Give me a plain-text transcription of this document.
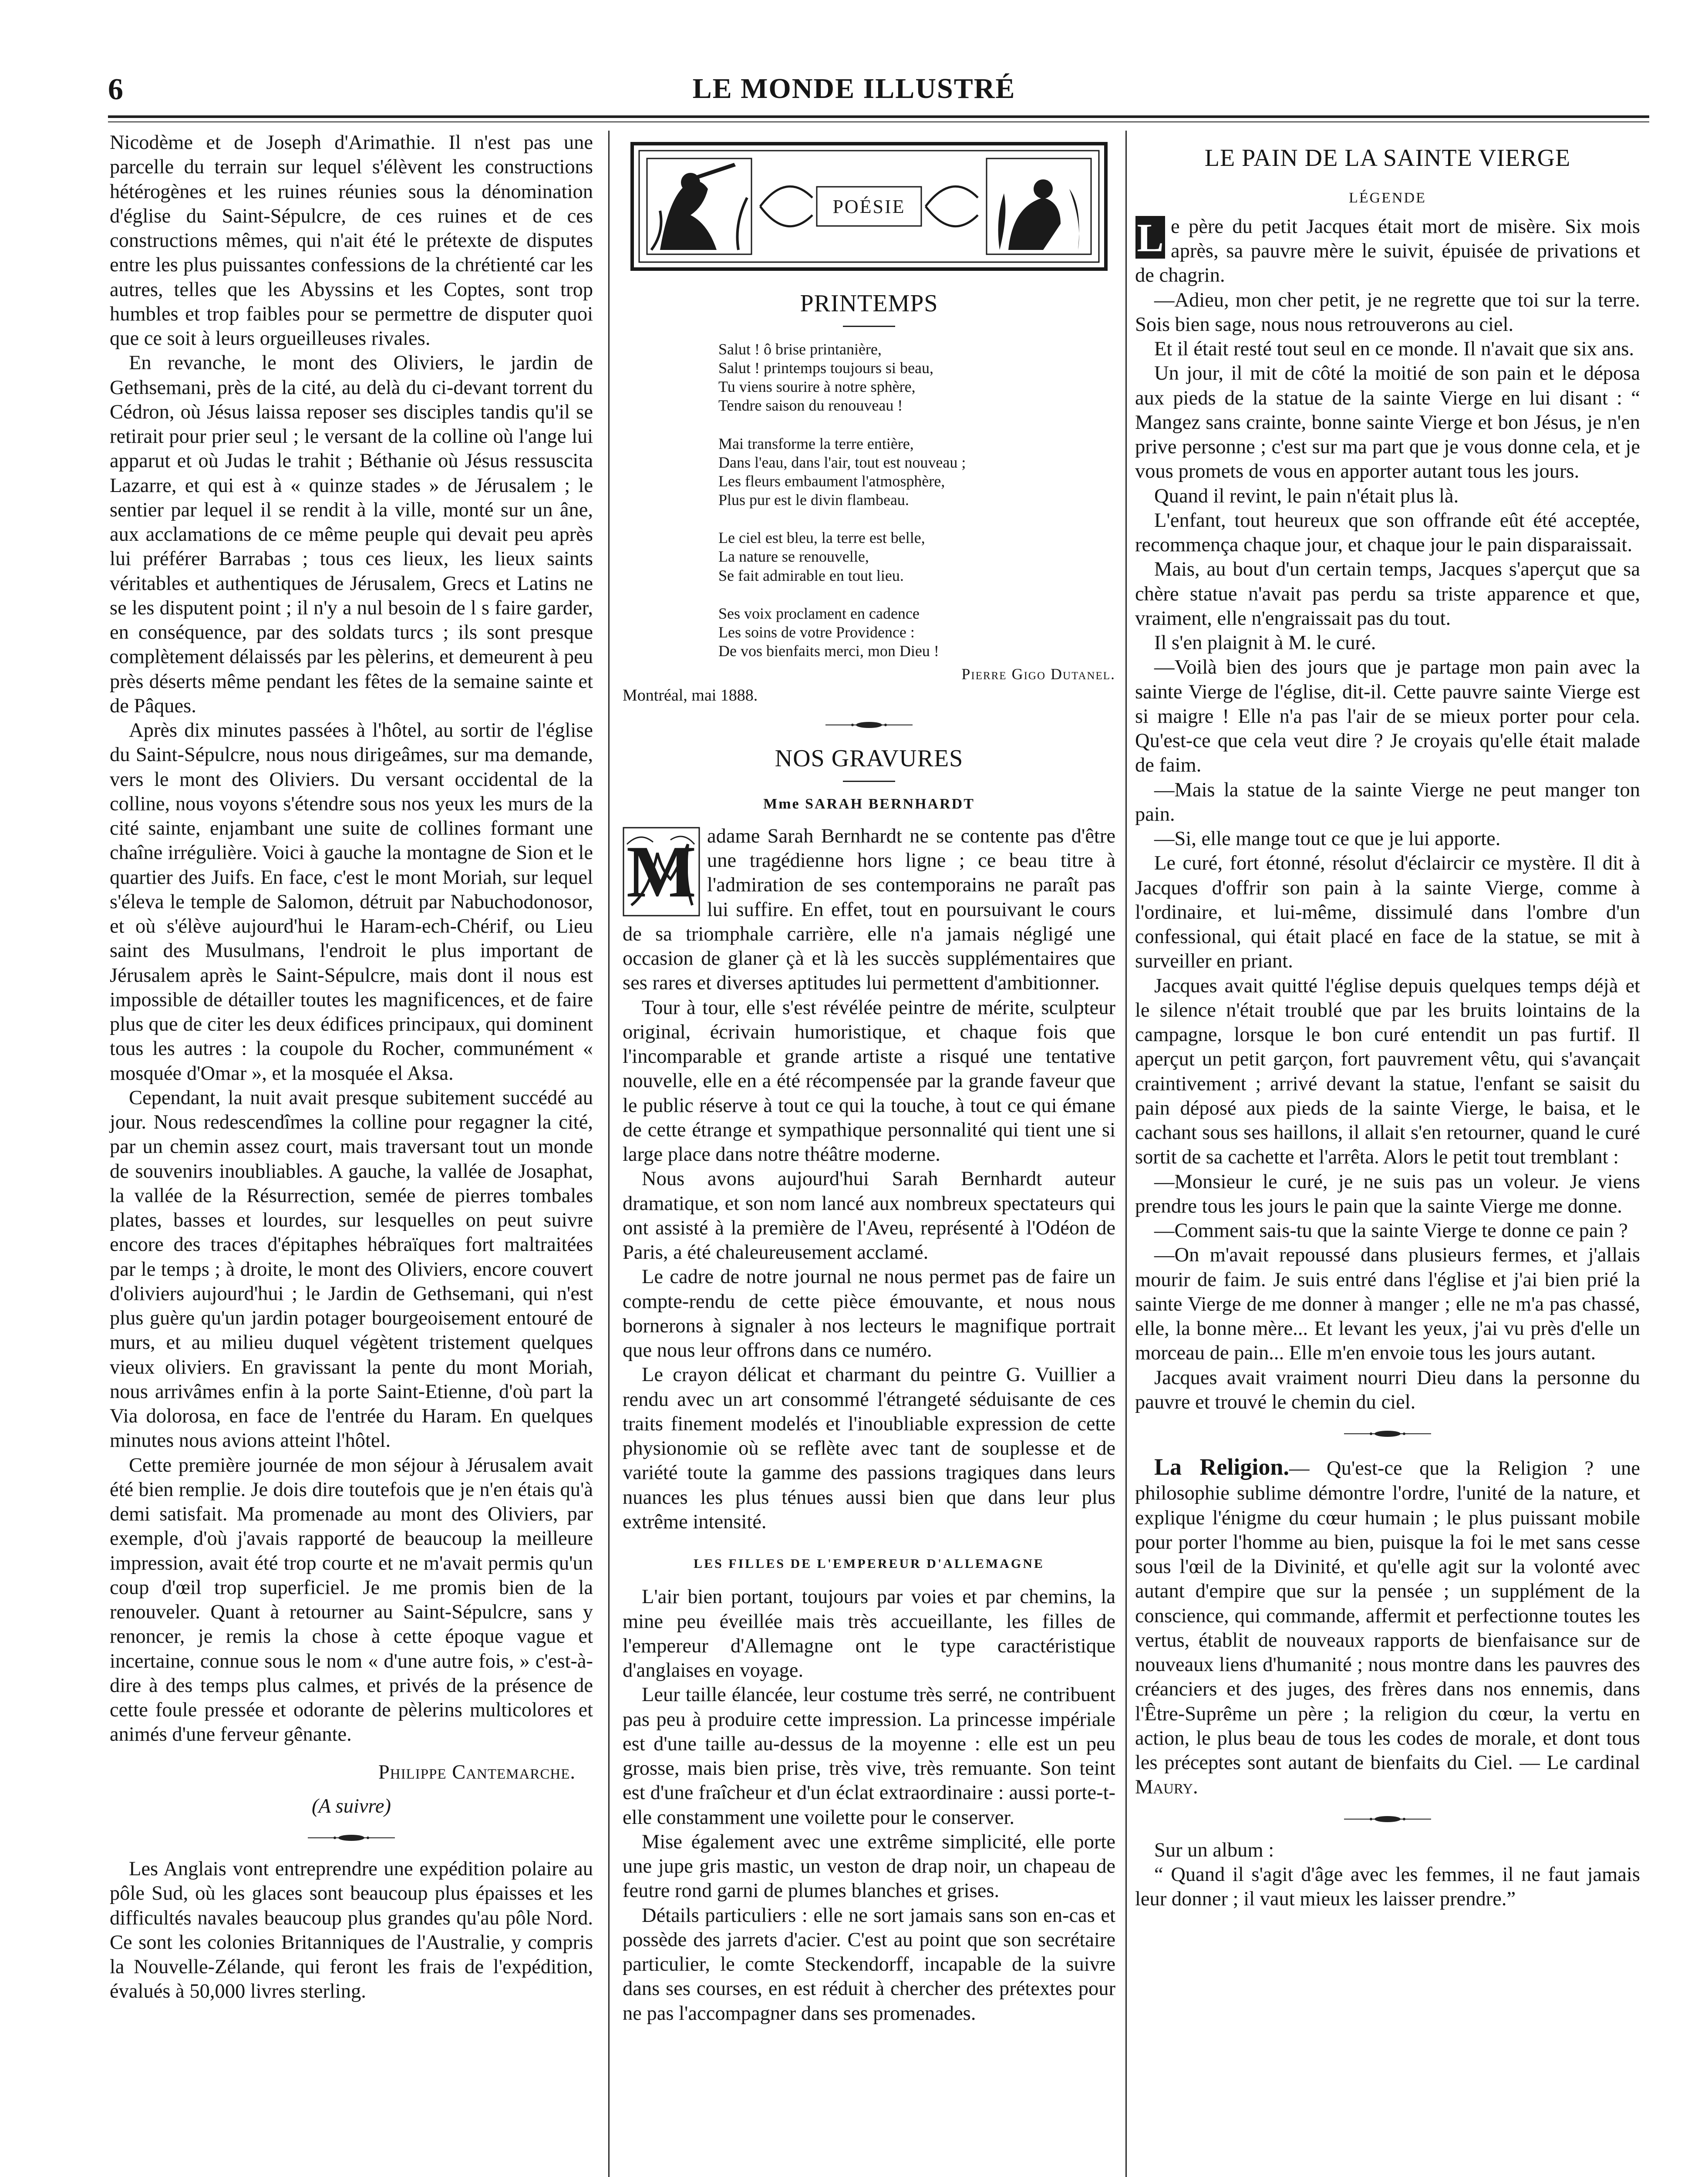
6	LE MONDE ILLUSTRÉ

Nicodème et de Joseph d'Arimathie. Il n'est pas une parcelle du terrain sur lequel s'élèvent les constructions hétérogènes et les ruines réunies sous la dénomination d'église du Saint-Sépulcre, de ces ruines et de ces constructions mêmes, qui n'ait été le prétexte de disputes entre les plus puissantes confessions de la chrétienté car les autres, telles que les Abyssins et les Coptes, sont trop humbles et trop faibles pour se permettre de disputer quoi que ce soit à leurs orgueilleuses rivales.

En revanche, le mont des Oliviers, le jardin de Gethsemani, près de la cité, au delà du ci-devant torrent du Cédron, où Jésus laissa reposer ses disciples tandis qu'il se retirait pour prier seul ; le versant de la colline où l'ange lui apparut et où Judas le trahit ; Béthanie où Jésus ressuscita Lazarre, et qui est à « quinze stades » de Jérusalem ; le sentier par lequel il se rendit à la ville, monté sur un âne, aux acclamations de ce même peuple qui devait peu après lui préférer Barrabas ; tous ces lieux, les lieux saints véritables et authentiques de Jérusalem, Grecs et Latins ne se les disputent point ; il n'y a nul besoin de l s faire garder, en conséquence, par des soldats turcs ; ils sont presque complètement délaissés par les pèlerins, et demeurent à peu près déserts même pendant les fêtes de la semaine sainte et de Pâques.

Après dix minutes passées à l'hôtel, au sortir de l'église du Saint-Sépulcre, nous nous dirigeâmes, sur ma demande, vers le mont des Oliviers. Du versant occidental de la colline, nous voyons s'étendre sous nos yeux les murs de la cité sainte, enjambant une suite de collines formant une chaîne irrégulière. Voici à gauche la montagne de Sion et le quartier des Juifs. En face, c'est le mont Moriah, sur lequel s'éleva le temple de Salomon, détruit par Nabuchodonosor, et où s'élève aujourd'hui le Haram-ech-Chérif, ou Lieu saint des Musulmans, l'endroit le plus important de Jérusalem après le Saint-Sépulcre, mais dont il nous est impossible de détailler toutes les magnificences, et de faire plus que de citer les deux édifices principaux, qui dominent tous les autres : la coupole du Rocher, communément « mosquée d'Omar », et la mosquée el Aksa.

Cependant, la nuit avait presque subitement succédé au jour. Nous redescendîmes la colline pour regagner la cité, par un chemin assez court, mais traversant tout un monde de souvenirs inoubliables. A gauche, la vallée de Josaphat, la vallée de la Résurrection, semée de pierres tombales plates, basses et lourdes, sur lesquelles on peut suivre encore des traces d'épitaphes hébraïques fort maltraitées par le temps ; à droite, le mont des Oliviers, encore couvert d'oliviers aujourd'hui ; le Jardin de Gethsemani, qui n'est plus guère qu'un jardin potager bourgeoisement entouré de murs, et au milieu duquel végètent tristement quelques vieux oliviers. En gravissant la pente du mont Moriah, nous arrivâmes enfin à la porte Saint-Etienne, d'où part la Via dolorosa, en face de l'entrée du Haram. En quelques minutes nous avions atteint l'hôtel.

Cette première journée de mon séjour à Jérusalem avait été bien remplie. Je dois dire toutefois que je n'en étais qu'à demi satisfait. Ma promenade au mont des Oliviers, par exemple, d'où j'avais rapporté de beaucoup la meilleure impression, avait été trop courte et ne m'avait permis qu'un coup d'œil trop superficiel. Je me promis bien de la renouveler. Quant à retourner au Saint-Sépulcre, sans y renoncer, je remis la chose à cette époque vague et incertaine, connue sous le nom « d'une autre fois, » c'est-à-dire à des temps plus calmes, et privés de la présence de cette foule pressée et odorante de pèlerins multicolores et animés d'une ferveur gênante.

Philippe Cantemarche.
(A suivre)

Les Anglais vont entreprendre une expédition polaire au pôle Sud, où les glaces sont beaucoup plus épaisses et les difficultés navales beaucoup plus grandes qu'au pôle Nord. Ce sont les colonies Britanniques de l'Australie, y compris la Nouvelle-Zélande, qui feront les frais de l'expédition, évalués à 50,000 livres sterling.

POÉSIE
PRINTEMPS
Salut ! ô brise printanière,
Salut ! printemps toujours si beau,
Tu viens sourire à notre sphère,
Tendre saison du renouveau !
Mai transforme la terre entière,
Dans l'eau, dans l'air, tout est nouveau ;
Les fleurs embaument l'atmosphère,
Plus pur est le divin flambeau.
Le ciel est bleu, la terre est belle,
La nature se renouvelle,
Se fait admirable en tout lieu.
Ses voix proclament en cadence
Les soins de votre Providence :
De vos bienfaits merci, mon Dieu !
Pierre Gigo Dutanel.
Montréal, mai 1888.
NOS GRAVURES
Mme SARAH BERNHARDT

M adame Sarah Bernhardt ne se contente pas d'être une tragédienne hors ligne ; ce beau titre à l'admiration de ses contemporains ne paraît pas lui suffire. En effet, tout en poursuivant le cours de sa triomphale carrière, elle n'a jamais négligé une occasion de glaner çà et là les succès supplémentaires que ses rares et diverses aptitudes lui permettent d'ambitionner.

Tour à tour, elle s'est révélée peintre de mérite, sculpteur original, écrivain humoristique, et chaque fois que l'incomparable et grande artiste a risqué une tentative nouvelle, elle en a été récompensée par la grande faveur que le public réserve à tout ce qui la touche, à tout ce qui émane de cette étrange et sympathique personnalité qui tient une si large place dans notre théâtre moderne.

Nous avons aujourd'hui Sarah Bernhardt auteur dramatique, et son nom lancé aux nombreux spectateurs qui ont assisté à la première de l'Aveu, représenté à l'Odéon de Paris, a été chaleureusement acclamé.

Le cadre de notre journal ne nous permet pas de faire un compte-rendu de cette pièce émouvante, et nous nous bornerons à signaler à nos lecteurs le magnifique portrait que nous leur offrons dans ce numéro.

Le crayon délicat et charmant du peintre G. Vuillier a rendu avec un art consommé l'étrangeté séduisante de ces traits finement modelés et l'inoubliable expression de cette physionomie où se reflète avec tant de souplesse et de variété toute la gamme des passions tragiques dans leurs nuances les plus ténues aussi bien que dans leur plus extrême intensité.

LES FILLES DE L'EMPEREUR D'ALLEMAGNE

L'air bien portant, toujours par voies et par chemins, la mine peu éveillée mais très accueillante, les filles de l'empereur d'Allemagne ont le type caractéristique d'anglaises en voyage.

Leur taille élancée, leur costume très serré, ne contribuent pas peu à produire cette impression. La princesse impériale est d'une taille au-dessus de la moyenne : elle est un peu grosse, mais bien prise, très vive, très remuante. Son teint est d'une fraîcheur et d'un éclat extraordinaire : aussi porte-t-elle constamment une voilette pour le conserver.

Mise également avec une extrême simplicité, elle porte une jupe gris mastic, un veston de drap noir, un chapeau de feutre rond garni de plumes blanches et grises.

Détails particuliers : elle ne sort jamais sans son en-cas et possède des jarrets d'acier. C'est au point que son secrétaire particulier, le comte Steckendorff, incapable de la suivre dans ses courses, en est réduit à chercher des prétextes pour ne pas l'accompagner dans ses promenades.

LE PAIN DE LA SAINTE VIERGE
LÉGENDE

L e père du petit Jacques était mort de misère. Six mois après, sa pauvre mère le suivit, épuisée de privations et de chagrin.

—Adieu, mon cher petit, je ne regrette que toi sur la terre. Sois bien sage, nous nous retrouverons au ciel.

Et il était resté tout seul en ce monde. Il n'avait que six ans.

Un jour, il mit de côté la moitié de son pain et le déposa aux pieds de la statue de la sainte Vierge en lui disant : “ Mangez sans crainte, bonne sainte Vierge et bon Jésus, je n'en prive personne ; c'est sur ma part que je vous donne cela, et je vous promets de vous en apporter autant tous les jours.

Quand il revint, le pain n'était plus là.

L'enfant, tout heureux que son offrande eût été acceptée, recommença chaque jour, et chaque jour le pain disparaissait.

Mais, au bout d'un certain temps, Jacques s'aperçut que sa chère statue n'avait pas perdu sa triste apparence et que, vraiment, elle n'engraissait pas du tout.

Il s'en plaignit à M. le curé.

—Voilà bien des jours que je partage mon pain avec la sainte Vierge de l'église, dit-il. Cette pauvre sainte Vierge est si maigre ! Elle n'a pas l'air de se mieux porter pour cela. Qu'est-ce que cela veut dire ? Je croyais qu'elle était malade de faim.

—Mais la statue de la sainte Vierge ne peut manger ton pain.

—Si, elle mange tout ce que je lui apporte.

Le curé, fort étonné, résolut d'éclaircir ce mystère. Il dit à Jacques d'offrir son pain à la sainte Vierge, comme à l'ordinaire, et lui-même, dissimulé dans l'ombre d'un confessional, qui était placé en face de la statue, se mit à surveiller en priant.

Jacques avait quitté l'église depuis quelques temps déjà et le silence n'était troublé que par les bruits lointains de la campagne, lorsque le bon curé entendit un pas furtif. Il aperçut un petit garçon, fort pauvrement vêtu, qui s'avançait craintivement ; arrivé devant la statue, l'enfant se saisit du pain déposé aux pieds de la sainte Vierge, le baisa, et le cachant sous ses haillons, il allait s'en retourner, quand le curé sortit de sa cachette et l'arrêta. Alors le petit tout tremblant :

—Monsieur le curé, je ne suis pas un voleur. Je viens prendre tous les jours le pain que la sainte Vierge me donne.

—Comment sais-tu que la sainte Vierge te donne ce pain ?

—On m'avait repoussé dans plusieurs fermes, et j'allais mourir de faim. Je suis entré dans l'église et j'ai bien prié la sainte Vierge de me donner à manger ; elle ne m'a pas chassé, elle, la bonne mère... Et levant les yeux, j'ai vu près d'elle un morceau de pain... Elle m'en envoie tous les jours autant.

Jacques avait vraiment nourri Dieu dans la personne du pauvre et trouvé le chemin du ciel.

La Religion.— Qu'est-ce que la Religion ? une philosophie sublime démontre l'ordre, l'unité de la nature, et explique l'énigme du cœur humain ; le plus puissant mobile pour porter l'homme au bien, puisque la foi le met sans cesse sous l'œil de la Divinité, et qu'elle agit sur la volonté avec autant d'empire que sur la pensée ; un supplément de la conscience, qui commande, affermit et perfectionne toutes les vertus, établit de nouveaux rapports de bienfaisance sur de nouveaux liens d'humanité ; nous montre dans les pauvres des créanciers et des juges, des frères dans nos ennemis, dans l'Être-Suprême un père ; la religion du cœur, la vertu en action, le plus beau de tous les codes de morale, et dont tous les préceptes sont autant de bienfaits du Ciel. — Le cardinal Maury.

Sur un album :

“ Quand il s'agit d'âge avec les femmes, il ne faut jamais leur donner ; il vaut mieux les laisser prendre.”
